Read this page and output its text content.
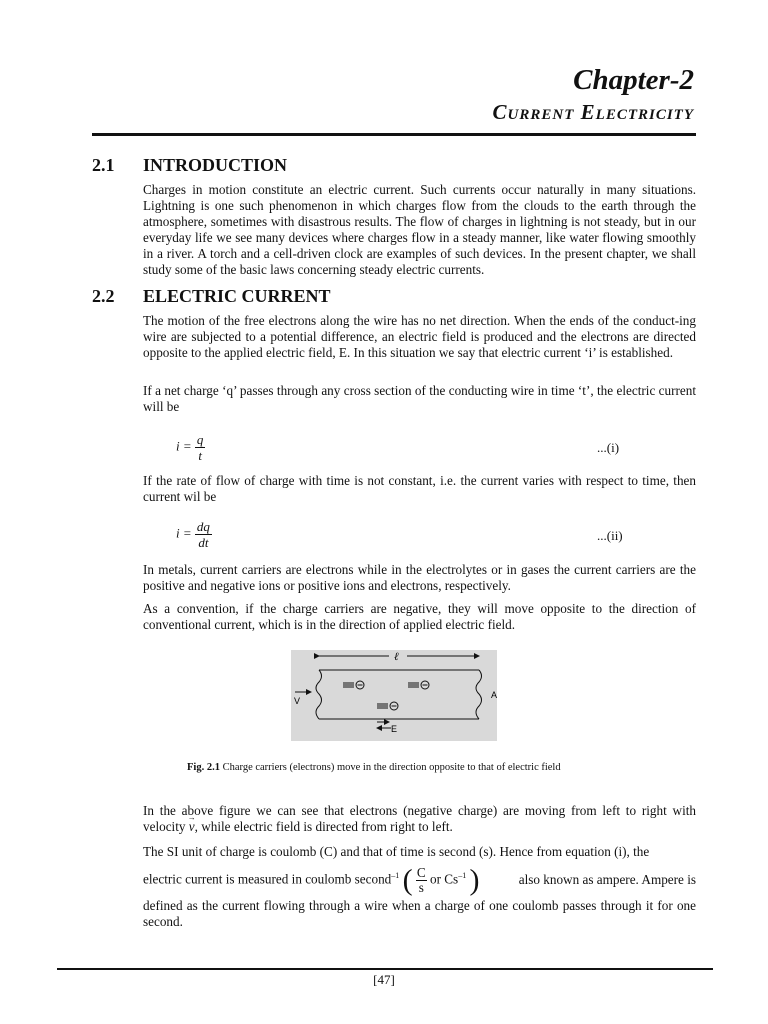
Chapter-2
Current Electricity
2.1 INTRODUCTION

Charges in motion constitute an electric current. Such currents occur naturally in many situations. Lightning is one such phenomenon in which charges flow from the clouds to the earth through the atmosphere, sometimes with disastrous results. The flow of charges in lightning is not steady, but in our everyday life we see many devices where charges flow in a steady manner, like water flowing smoothly in a river. A torch and a cell-driven clock are examples of such devices. In the present chapter, we shall study some of the basic laws concerning steady electric currents.

2.2 ELECTRIC CURRENT

The motion of the free electrons along the wire has no net direction. When the ends of the conduct-ing wire are subjected to a potential difference, an electric field is produced and the electrons are directed opposite to the applied electric field, E. In this situation we say that electric current ‘i’ is established.

If a net charge ‘q’ passes through any cross section of the conducting wire in time ‘t’, the electric current will be

$i = \frac{q}{t}$	...(i)

If the rate of flow of charge with time is not constant, i.e. the current varies with respect to time, then current wil be

$i = \frac{dq}{dt}$	...(ii)

In metals, current carriers are electrons while in the electrolytes or in gases the current carriers are the positive and negative ions or positive ions and electrons, respectively.

As a convention, if the charge carriers are negative, they will move opposite to the direction of conventional current, which is in the direction of applied electric field.

ℓ
V
A
E
Fig. 2.1 Charge carriers (electrons) move in the direction opposite to that of electric field

In the above figure we can see that electrons (negative charge) are moving from left to right with velocity → v, while electric field is directed from right to left.

The SI unit of charge is coulomb (C) and that of time is second (s). Hence from equation (i), the

electric current is measured in coulomb second$^{-1}$ ( $\frac{C}{s}$ or $Cs^{-1}$ )	also known as ampere. Ampere is

defined as the current flowing through a wire when a charge of one coulomb passes through it for one second.

[47]
